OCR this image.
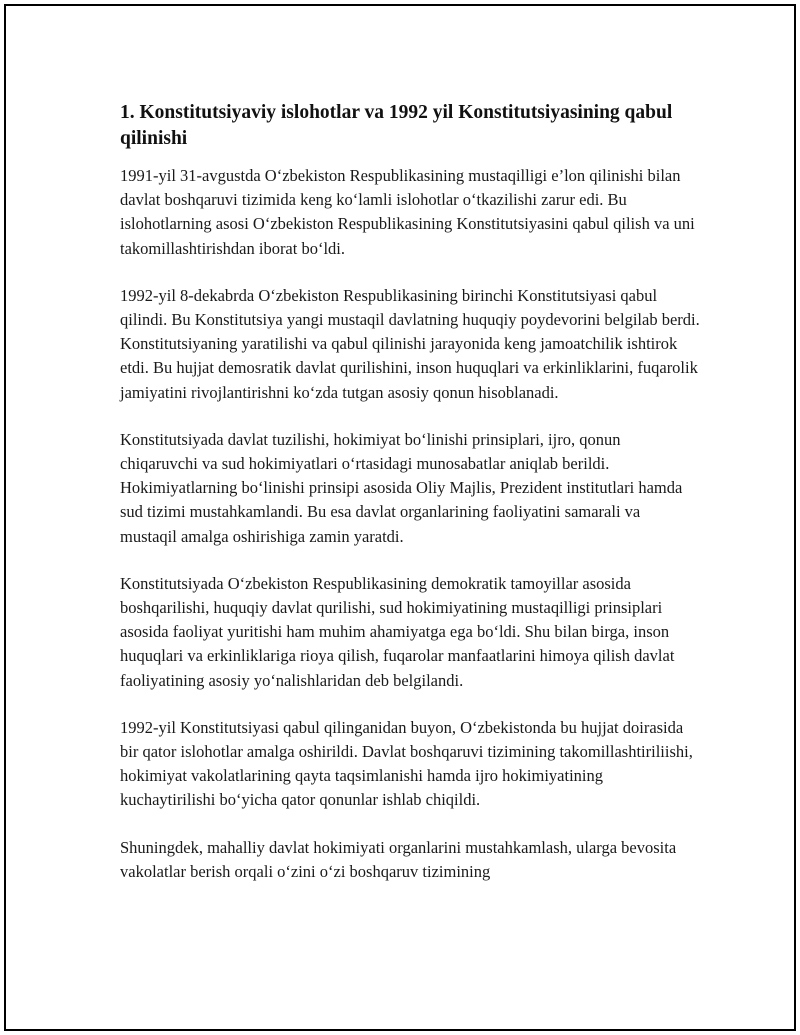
1. Konstitutsiyaviy islohotlar va 1992 yil Konstitutsiyasining qabul qilinishi

1991-yil 31-avgustda O‘zbekiston Respublikasining mustaqilligi e’lon qilinishi bilan davlat boshqaruvi tizimida keng ko‘lamli islohotlar o‘tkazilishi zarur edi. Bu islohotlarning asosi O‘zbekiston Respublikasining Konstitutsiyasini qabul qilish va uni takomillashtirishdan iborat bo‘ldi.

1992-yil 8-dekabrda O‘zbekiston Respublikasining birinchi Konstitutsiyasi qabul qilindi. Bu Konstitutsiya yangi mustaqil davlatning huquqiy poydevorini belgilab berdi. Konstitutsiyaning yaratilishi va qabul qilinishi jarayonida keng jamoatchilik ishtirok etdi. Bu hujjat demosratik davlat qurilishini, inson huquqlari va erkinliklarini, fuqarolik jamiyatini rivojlantirishni ko‘zda tutgan asosiy qonun hisoblanadi.

Konstitutsiyada davlat tuzilishi, hokimiyat bo‘linishi prinsiplari, ijro, qonun chiqaruvchi va sud hokimiyatlari o‘rtasidagi munosabatlar aniqlab berildi. Hokimiyatlarning bo‘linishi prinsipi asosida Oliy Majlis, Prezident institutlari hamda sud tizimi mustahkamlandi. Bu esa davlat organlarining faoliyatini samarali va mustaqil amalga oshirishiga zamin yaratdi.

Konstitutsiyada O‘zbekiston Respublikasining demokratik tamoyillar asosida boshqarilishi, huquqiy davlat qurilishi, sud hokimiyatining mustaqilligi prinsiplari asosida faoliyat yuritishi ham muhim ahamiyatga ega bo‘ldi. Shu bilan birga, inson huquqlari va erkinliklariga rioya qilish, fuqarolar manfaatlarini himoya qilish davlat faoliyatining asosiy yo‘nalishlaridan deb belgilandi.

1992-yil Konstitutsiyasi qabul qilinganidan buyon, O‘zbekistonda bu hujjat doirasida bir qator islohotlar amalga oshirildi. Davlat boshqaruvi tizimining takomillashtiriliishi, hokimiyat vakolatlarining qayta taqsimlanishi hamda ijro hokimiyatining kuchaytirilishi bo‘yicha qator qonunlar ishlab chiqildi.

Shuningdek, mahalliy davlat hokimiyati organlarini mustahkamlash, ularga bevosita vakolatlar berish orqali o‘zini o‘zi boshqaruv tizimining
